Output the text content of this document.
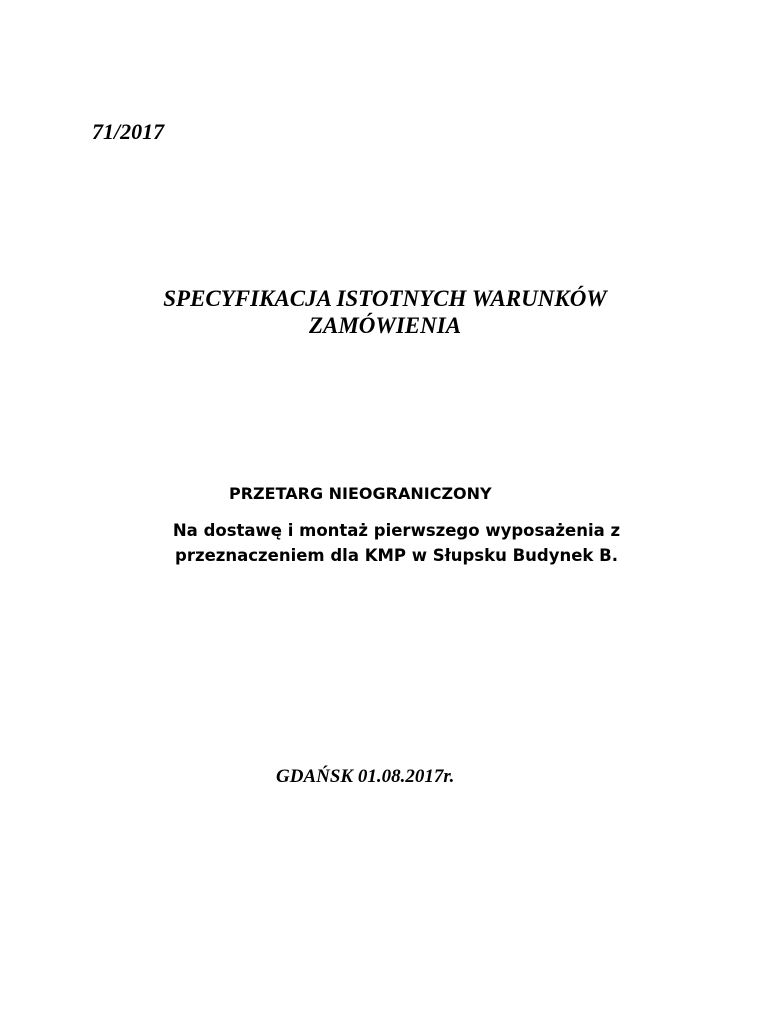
71/2017
SPECYFIKACJA ISTOTNYCH WARUNKÓW
ZAMÓWIENIA
PRZETARG NIEOGRANICZONY
Na dostawę i montaż pierwszego wyposażenia z
przeznaczeniem dla KMP w Słupsku Budynek B.
GDAŃSK 01.08.2017r.
